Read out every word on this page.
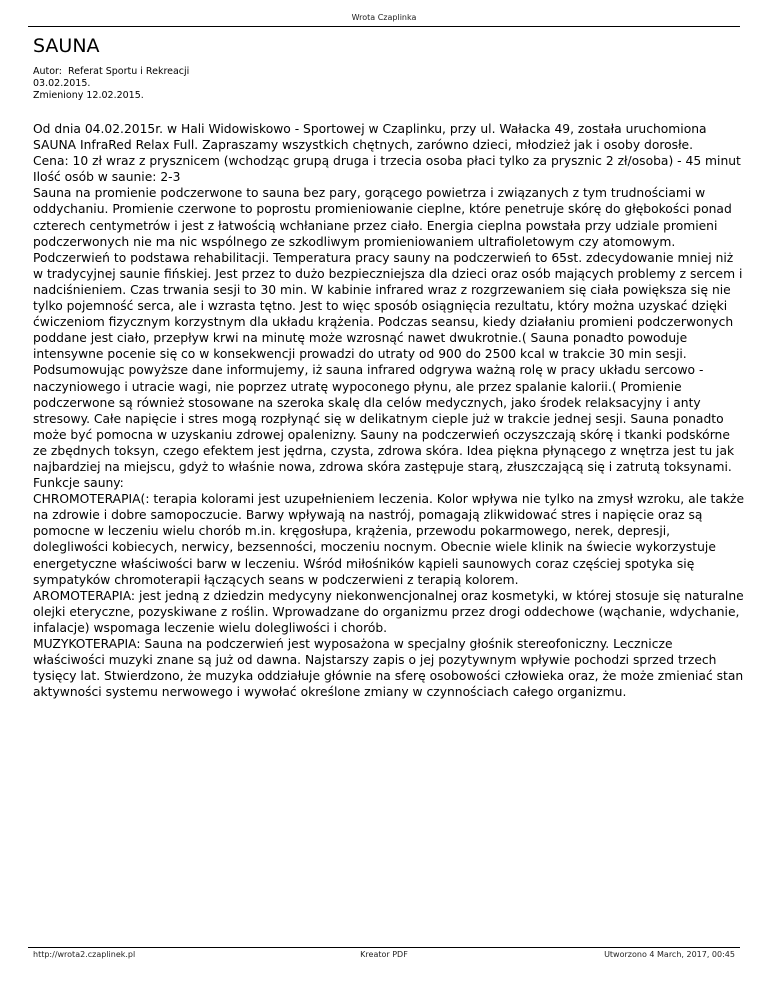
Wrota Czaplinka
SAUNA
Autor:  Referat Sportu i Rekreacji
03.02.2015.
Zmieniony 12.02.2015.

Od dnia 04.02.2015r. w Hali Widowiskowo - Sportowej w Czaplinku, przy ul. Wałacka 49, została uruchomiona SAUNA InfraRed Relax Full. Zapraszamy wszystkich chętnych, zarówno dzieci, młodzież jak i osoby dorosłe.

Cena: 10 zł wraz z prysznicem (wchodząc grupą druga i trzecia osoba płaci tylko za prysznic 2 zł/osoba) - 45 minut

Ilość osób w saunie: 2-3

Sauna na promienie podczerwone to sauna bez pary, gorącego powietrza i związanych z tym trudnościami w oddychaniu. Promienie czerwone to poprostu promieniowanie cieplne, które penetruje skórę do głębokości ponad czterech centymetrów i jest z łatwością wchłaniane przez ciało. Energia cieplna powstała przy udziale promieni podczerwonych nie ma nic wspólnego ze szkodliwym promieniowaniem ultrafioletowym czy atomowym.

Podczerwień to podstawa rehabilitacji. Temperatura pracy sauny na podczerwień to 65st. zdecydowanie mniej niż w tradycyjnej saunie fińskiej. Jest przez to dużo bezpieczniejsza dla dzieci oraz osób mających problemy z sercem i nadciśnieniem. Czas trwania sesji to 30 min. W kabinie infrared wraz z rozgrzewaniem się ciała powiększa się nie tylko pojemność serca, ale i wzrasta tętno. Jest to więc sposób osiągnięcia rezultatu, który można uzyskać dzięki ćwiczeniom fizycznym korzystnym dla układu krążenia. Podczas seansu, kiedy działaniu promieni podczerwonych poddane jest ciało, przepływ krwi na minutę może wzrosnąć nawet dwukrotnie.( Sauna ponadto powoduje intensywne pocenie się co w konsekwencji prowadzi do utraty od 900 do 2500 kcal w trakcie 30 min sesji.

Podsumowując powyższe dane informujemy, iż sauna infrared odgrywa ważną rolę w pracy układu sercowo - naczyniowego i utracie wagi, nie poprzez utratę wypoconego płynu, ale przez spalanie kalorii.( Promienie podczerwone są również stosowane na szeroka skalę dla celów medycznych, jako środek relaksacyjny i anty stresowy. Całe napięcie i stres mogą rozpłynąć się w delikatnym cieple już w trakcie jednej sesji. Sauna ponadto może być pomocna w uzyskaniu zdrowej opalenizny. Sauny na podczerwień oczyszczają skórę i tkanki podskórne ze zbędnych toksyn, czego efektem jest jędrna, czysta, zdrowa skóra. Idea piękna płynącego z wnętrza jest tu jak najbardziej na miejscu, gdyż to właśnie nowa, zdrowa skóra zastępuje starą, złuszczającą się i zatrutą toksynami.

Funkcje sauny:

CHROMOTERAPIA(: terapia kolorami jest uzupełnieniem leczenia. Kolor wpływa nie tylko na zmysł wzroku, ale także na zdrowie i dobre samopoczucie. Barwy wpływają na nastrój, pomagają zlikwidować stres i napięcie oraz są pomocne w leczeniu wielu chorób m.in. kręgosłupa, krążenia, przewodu pokarmowego, nerek, depresji, dolegliwości kobiecych, nerwicy, bezsenności, moczeniu nocnym. Obecnie wiele klinik na świecie wykorzystuje energetyczne właściwości barw w leczeniu. Wśród miłośników kąpieli saunowych coraz częściej spotyka się sympatyków chromoterapii łączących seans w podczerwieni z terapią kolorem.

AROMOTERAPIA: jest jedną z dziedzin medycyny niekonwencjonalnej oraz kosmetyki, w której stosuje się naturalne olejki eteryczne, pozyskiwane z roślin. Wprowadzane do organizmu przez drogi oddechowe (wąchanie, wdychanie, infalacje) wspomaga leczenie wielu dolegliwości i chorób.

MUZYKOTERAPIA: Sauna na podczerwień jest wyposażona w specjalny głośnik stereofoniczny. Lecznicze właściwości muzyki znane są już od dawna. Najstarszy zapis o jej pozytywnym wpływie pochodzi sprzed trzech tysięcy lat. Stwierdzono, że muzyka oddziałuje głównie na sferę osobowości człowieka oraz, że może zmieniać stan aktywności systemu nerwowego i wywołać określone zmiany w czynnościach całego organizmu.

http://wrota2.czaplinek.pl	Kreator PDF	Utworzono 4 March, 2017, 00:45
